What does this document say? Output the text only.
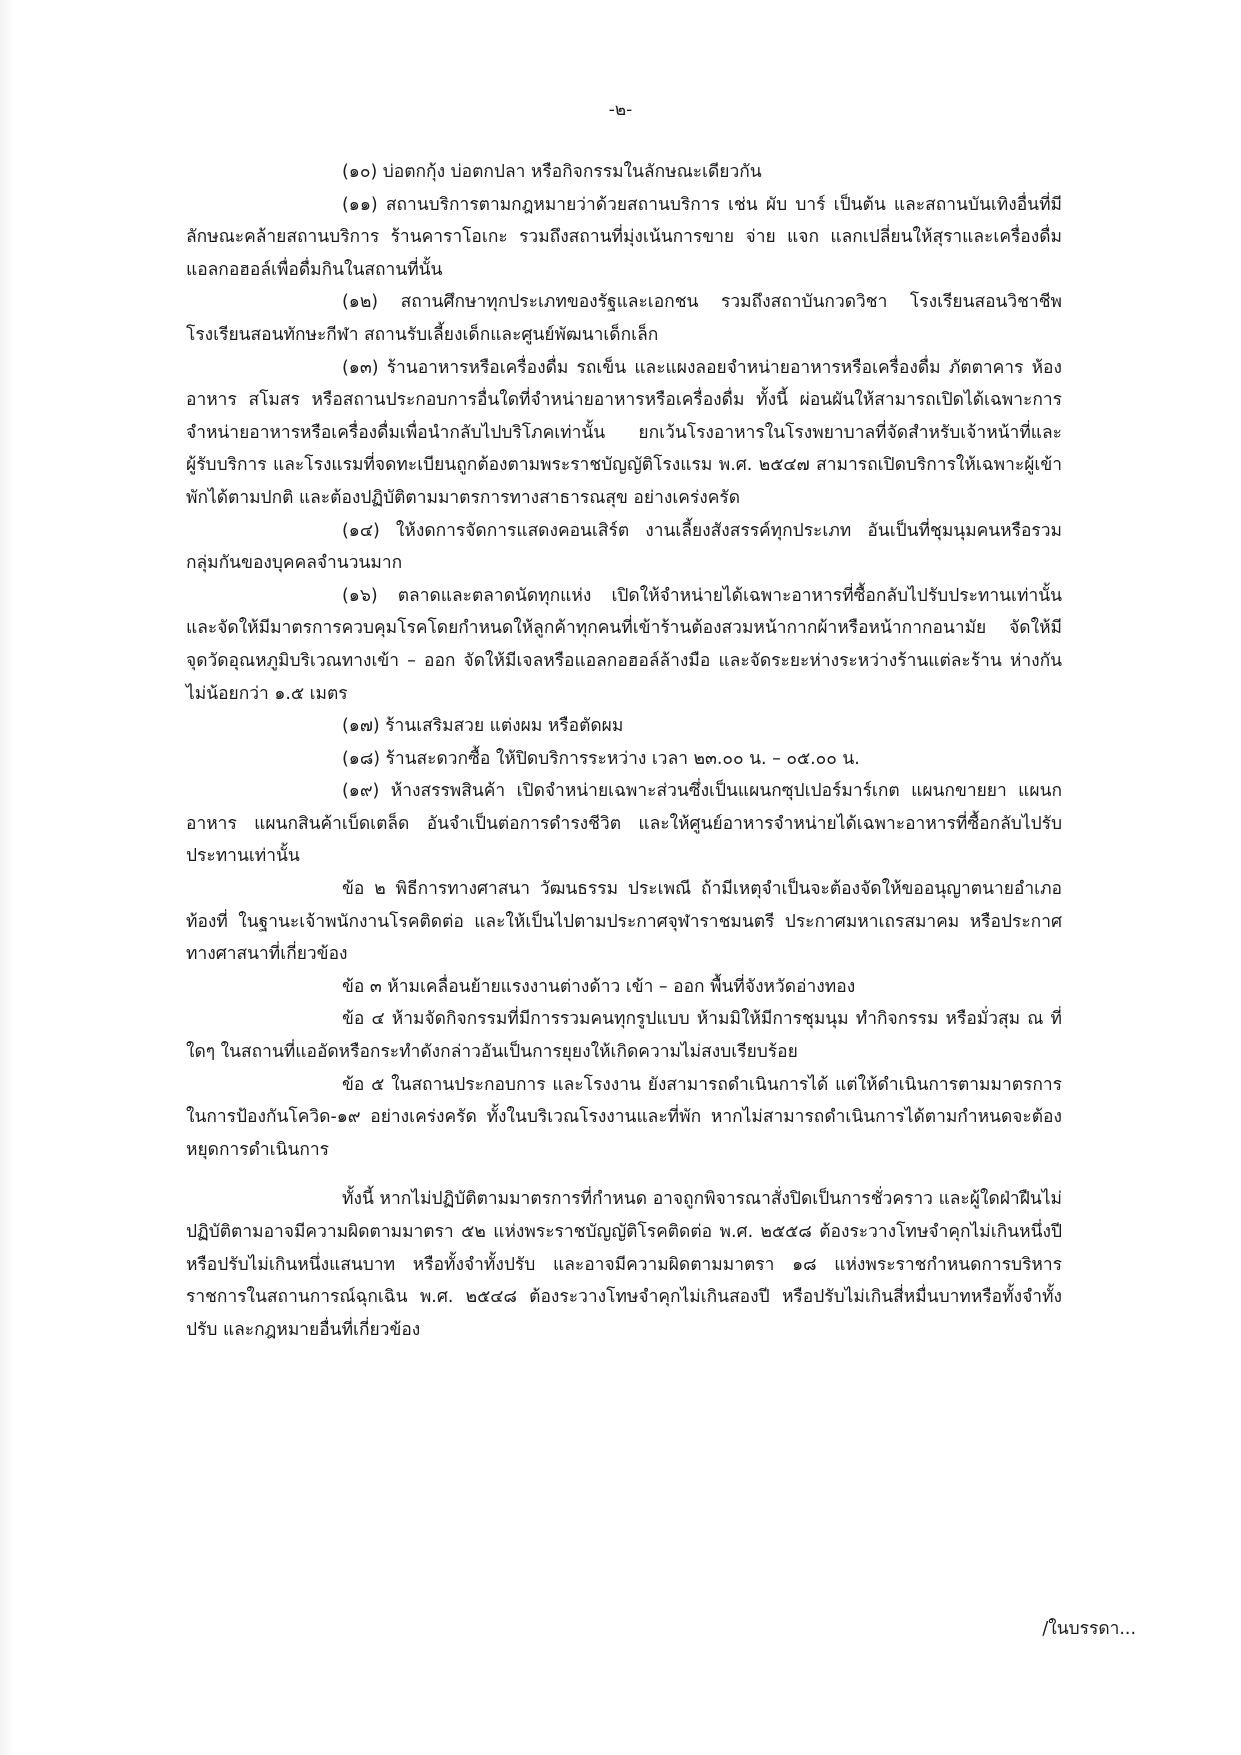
-๒-

(๑๐) บ่อตกกุ้ง บ่อตกปลา หรือกิจกรรมในลักษณะเดียวกัน

(๑๑) สถานบริการตามกฎหมายว่าด้วยสถานบริการ เช่น ผับ บาร์ เป็นต้น และสถานบันเทิงอื่นที่มีลักษณะคล้ายสถานบริการ ร้านคาราโอเกะ รวมถึงสถานที่มุ่งเน้นการขาย จ่าย แจก แลกเปลี่ยนให้สุราและเครื่องดื่มแอลกอฮอล์เพื่อดื่มกินในสถานที่นั้น

(๑๒) สถานศึกษาทุกประเภทของรัฐและเอกชน รวมถึงสถาบันกวดวิชา โรงเรียนสอนวิชาชีพ โรงเรียนสอนทักษะกีฬา สถานรับเลี้ยงเด็กและศูนย์พัฒนาเด็กเล็ก

(๑๓) ร้านอาหารหรือเครื่องดื่ม รถเข็น และแผงลอยจำหน่ายอาหารหรือเครื่องดื่ม ภัตตาคาร ห้องอาหาร สโมสร หรือสถานประกอบการอื่นใดที่จำหน่ายอาหารหรือเครื่องดื่ม ทั้งนี้ ผ่อนผันให้สามารถเปิดได้เฉพาะการจำหน่ายอาหารหรือเครื่องดื่มเพื่อนำกลับไปบริโภคเท่านั้น ยกเว้นโรงอาหารในโรงพยาบาลที่จัดสำหรับเจ้าหน้าที่และผู้รับบริการ และโรงแรมที่จดทะเบียนถูกต้องตามพระราชบัญญัติโรงแรม พ.ศ. ๒๕๔๗ สามารถเปิดบริการให้เฉพาะผู้เข้าพักได้ตามปกติ และต้องปฏิบัติตามมาตรการทางสาธารณสุข อย่างเคร่งครัด

(๑๔) ให้งดการจัดการแสดงคอนเสิร์ต งานเลี้ยงสังสรรค์ทุกประเภท อันเป็นที่ชุมนุมคนหรือรวมกลุ่มกันของบุคคลจำนวนมาก

(๑๖) ตลาดและตลาดนัดทุกแห่ง เปิดให้จำหน่ายได้เฉพาะอาหารที่ซื้อกลับไปรับประทานเท่านั้น และจัดให้มีมาตรการควบคุมโรคโดยกำหนดให้ลูกค้าทุกคนที่เข้าร้านต้องสวมหน้ากากผ้าหรือหน้ากากอนามัย จัดให้มีจุดวัดอุณหภูมิบริเวณทางเข้า – ออก จัดให้มีเจลหรือแอลกอฮอล์ล้างมือ และจัดระยะห่างระหว่างร้านแต่ละร้าน ห่างกันไม่น้อยกว่า ๑.๕ เมตร

(๑๗) ร้านเสริมสวย แต่งผม หรือตัดผม

(๑๘) ร้านสะดวกซื้อ ให้ปิดบริการระหว่าง เวลา ๒๓.๐๐ น. – ๐๕.๐๐ น.

(๑๙) ห้างสรรพสินค้า เปิดจำหน่ายเฉพาะส่วนซึ่งเป็นแผนกซุปเปอร์มาร์เกต แผนกขายยา แผนกอาหาร แผนกสินค้าเบ็ดเตล็ด อันจำเป็นต่อการดำรงชีวิต และให้ศูนย์อาหารจำหน่ายได้เฉพาะอาหารที่ซื้อกลับไปรับประทานเท่านั้น

ข้อ ๒ พิธีการทางศาสนา วัฒนธรรม ประเพณี ถ้ามีเหตุจำเป็นจะต้องจัดให้ขออนุญาตนายอำเภอท้องที่ ในฐานะเจ้าพนักงานโรคติดต่อ และให้เป็นไปตามประกาศจุฬาราชมนตรี ประกาศมหาเถรสมาคม หรือประกาศทางศาสนาที่เกี่ยวข้อง

ข้อ ๓ ห้ามเคลื่อนย้ายแรงงานต่างด้าว เข้า – ออก พื้นที่จังหวัดอ่างทอง

ข้อ ๔ ห้ามจัดกิจกรรมที่มีการรวมคนทุกรูปแบบ ห้ามมิให้มีการชุมนุม ทำกิจกรรม หรือมั่วสุม ณ ที่ใดๆ ในสถานที่แออัดหรือกระทำดังกล่าวอันเป็นการยุยงให้เกิดความไม่สงบเรียบร้อย

ข้อ ๕ ในสถานประกอบการ และโรงงาน ยังสามารถดำเนินการได้ แต่ให้ดำเนินการตามมาตรการในการป้องกันโควิด-๑๙ อย่างเคร่งครัด ทั้งในบริเวณโรงงานและที่พัก หากไม่สามารถดำเนินการได้ตามกำหนดจะต้องหยุดการดำเนินการ

ทั้งนี้ หากไม่ปฏิบัติตามมาตรการที่กำหนด อาจถูกพิจารณาสั่งปิดเป็นการชั่วคราว และผู้ใดฝ่าฝืนไม่ปฏิบัติตามอาจมีความผิดตามมาตรา ๕๒ แห่งพระราชบัญญัติโรคติดต่อ พ.ศ. ๒๕๕๘ ต้องระวางโทษจำคุกไม่เกินหนึ่งปี หรือปรับไม่เกินหนึ่งแสนบาท หรือทั้งจำทั้งปรับ และอาจมีความผิดตามมาตรา ๑๘ แห่งพระราชกำหนดการบริหารราชการในสถานการณ์ฉุกเฉิน พ.ศ. ๒๕๔๘ ต้องระวางโทษจำคุกไม่เกินสองปี หรือปรับไม่เกินสี่หมื่นบาทหรือทั้งจำทั้งปรับ และกฎหมายอื่นที่เกี่ยวข้อง

/ในบรรดา...
